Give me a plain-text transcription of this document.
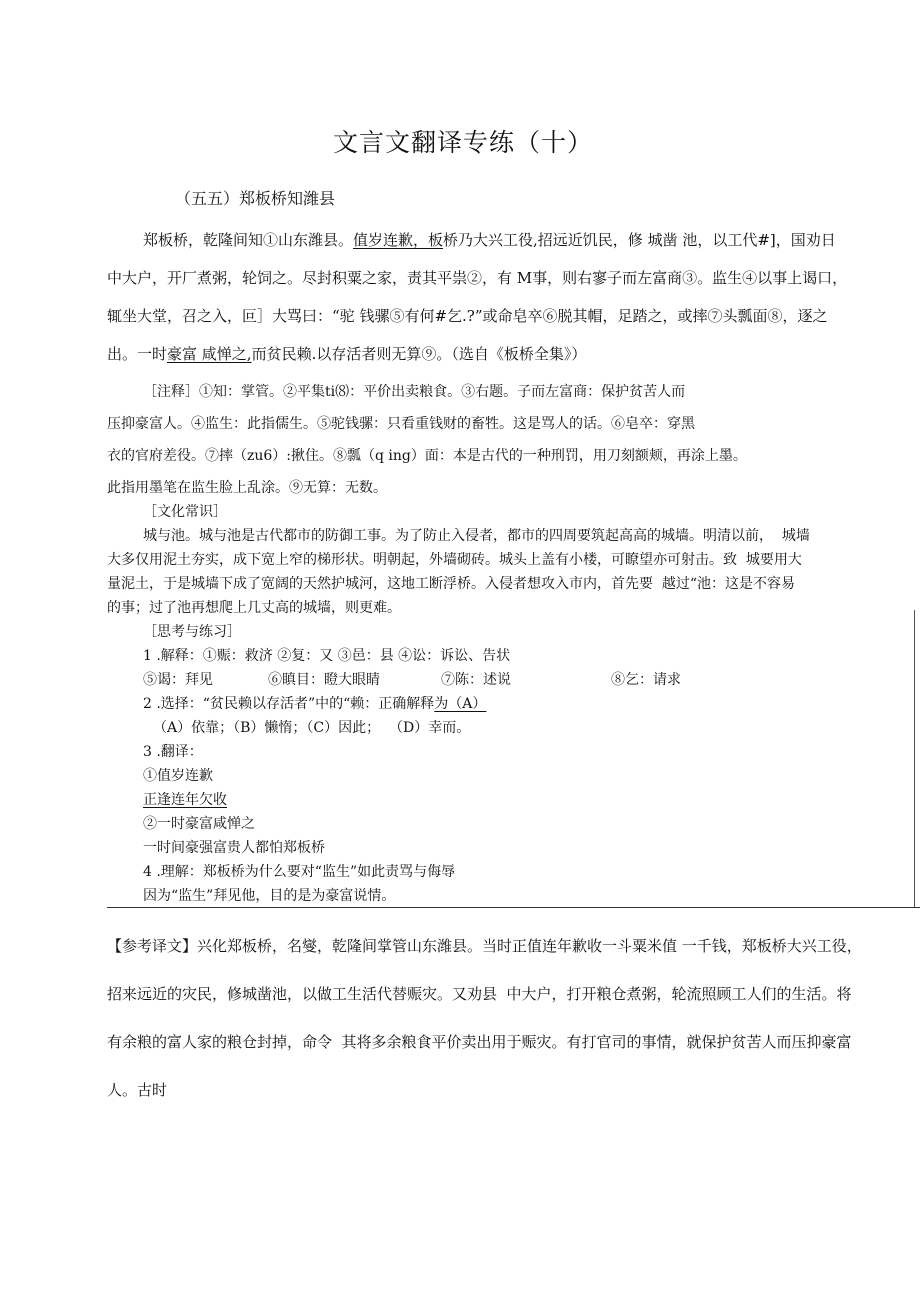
文言文翻译专练（十）
（五五）郑板桥知潍县
郑板桥，乾隆间知①山东潍县。值岁连歉，板桥乃大兴工役,招远近饥民，修 城凿 池，以工代#]，国劝日
中大户，开厂煮粥，轮饲之。尽封积粟之家，责其平祟②，有 M事，则右寥子而左富商③。监生④以事上谒口，
辄坐大堂，召之入，叵］大骂曰：“驼 钱骡⑤有何#乞.?”或命皂卒⑥脱其帽，足踏之，或摔⑦头瓢面⑧，逐之
出。一时豪富 咸惮之,而贫民赖.以存活者则无算⑨。（选自《板桥全集》）
［注释］①知：掌管。②平集ti⑻：平价出卖粮食。③右题。子而左富商：保护贫苦人而
压抑豪富人。④监生：此指儒生。⑤驼钱骡：只看重钱财的畜牲。这是骂人的话。⑥皂卒：穿黑
衣的官府差役。⑦摔（zu6）:揪住。⑧瓢（q ing）面：本是古代的一种刑罚，用刀刻额颊，再涂上墨。
此指用墨笔在监生脸上乱涂。⑨无算：无数。
［文化常识］
城与池。城与池是古代都市的防御工事。为了防止入侵者，都市的四周要筑起高高的城墙。明清以前，  城墙
大多仅用泥土夯实，成下宽上窄的梯形状。明朝起，外墙砌砖。城头上盖有小楼，可瞭望亦可射击。致  城要用大
量泥土，于是城墙下成了宽阔的天然护城河，这地工断浮桥。入侵者想攻入市内，首先要  越过“池：这是不容易
的事；过了池再想爬上几丈高的城墙，则更难。
［思考与练习］
1 .解释：①赈：救济 ②复：又 ③邑：县 ④讼：诉讼、告状
⑤谒：拜见	⑥瞋目：瞪大眼睛	⑦陈：述说	⑧乞：请求
2 .选择：“贫民赖以存活者”中的“赖：正确解释为（A）
（A）依靠；（B）懒惰；（C）因此；  （D）幸而。
3 .翻译：
①值岁连歉
正逢连年欠收
②一时豪富咸惮之
一时间豪强富贵人都怕郑板桥
4 .理解：郑板桥为什么要对“监生”如此责骂与侮辱
因为“监生”拜见他，目的是为豪富说情。
【参考译文】兴化郑板桥，名燮，乾隆间掌管山东潍县。当时正值连年歉收一斗粟米值 一千钱，郑板桥大兴工役，
招来远近的灾民，修城凿池，以做工生活代替赈灾。又劝县  中大户，打开粮仓煮粥，轮流照顾工人们的生活。将
有余粮的富人家的粮仓封掉，命令  其将多余粮食平价卖出用于赈灾。有打官司的事情，就保护贫苦人而压抑豪富
人。古时
